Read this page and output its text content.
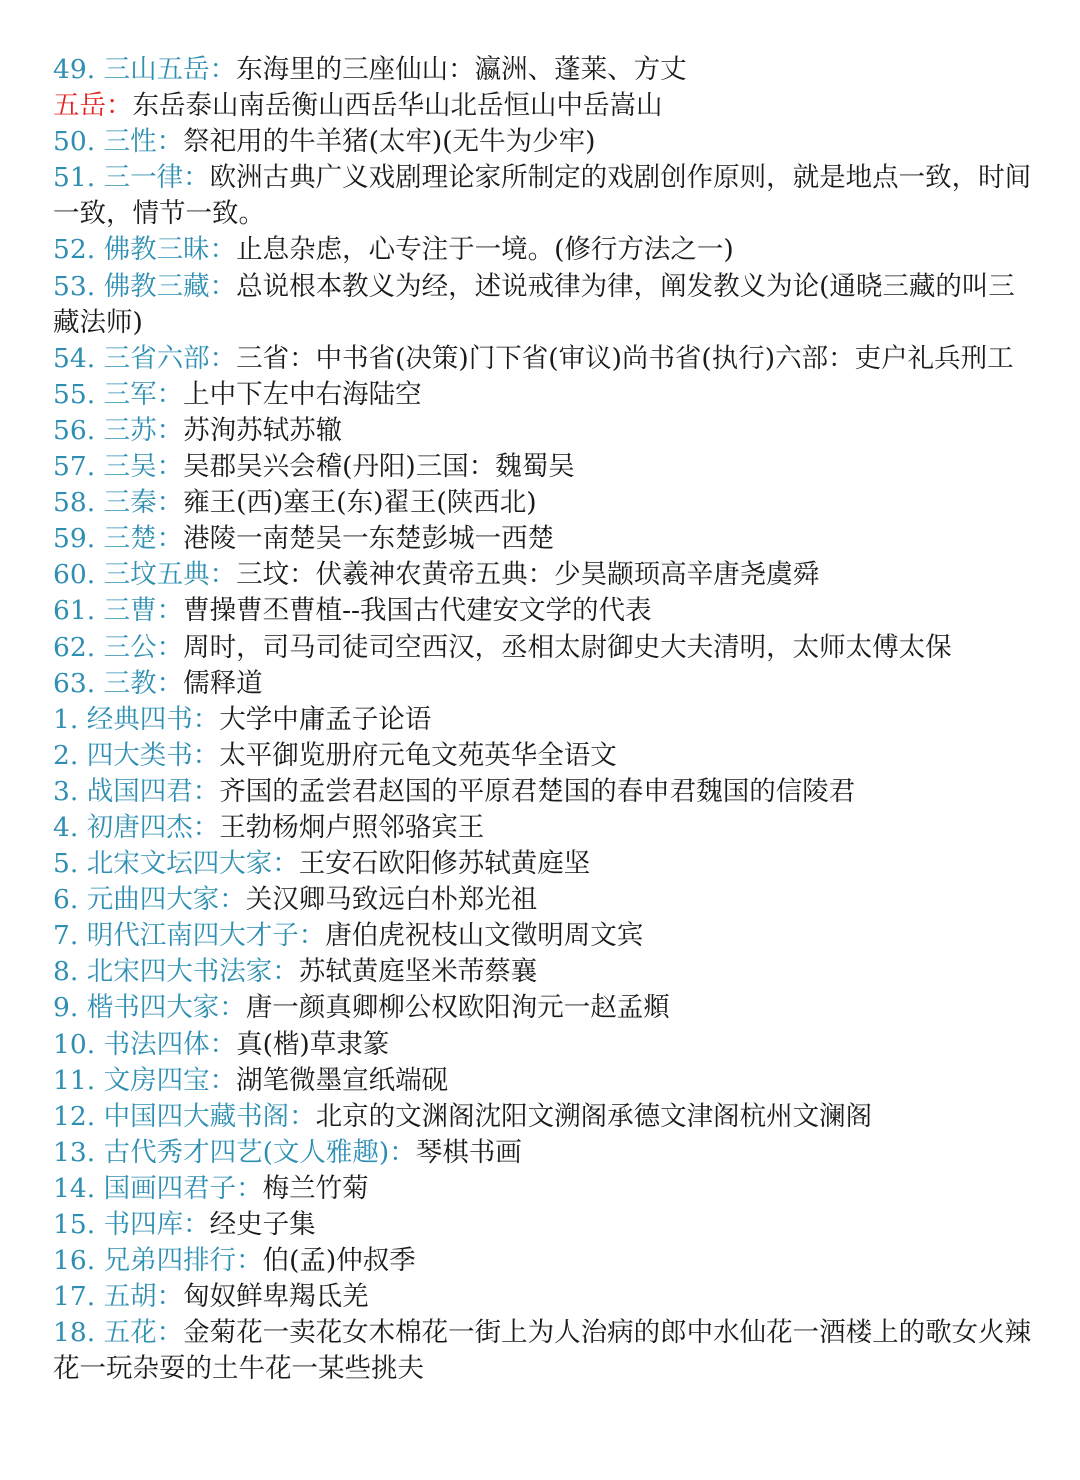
49. 三山五岳：东海里的三座仙山：瀛洲、蓬莱、方丈

五岳：东岳泰山南岳衡山西岳华山北岳恒山中岳嵩山

50. 三性：祭祀用的牛羊猪(太牢)(无牛为少牢)

51. 三一律：欧洲古典广义戏剧理论家所制定的戏剧创作原则，就是地点一致，时间一致，情节一致。

52. 佛教三昧：止息杂虑，心专注于一境。(修行方法之一)

53. 佛教三藏：总说根本教义为经，述说戒律为律，阐发教义为论(通晓三藏的叫三藏法师)

54. 三省六部：三省：中书省(决策)门下省(审议)尚书省(执行)六部：吏户礼兵刑工

55. 三军：上中下左中右海陆空

56. 三苏：苏洵苏轼苏辙

57. 三吴：吴郡吴兴会稽(丹阳)三国：魏蜀吴

58. 三秦：雍王(西)塞王(东)翟王(陕西北)

59. 三楚：港陵一南楚吴一东楚彭城一西楚

60. 三坟五典：三坟：伏羲神农黄帝五典：少昊颛顼高辛唐尧虞舜

61. 三曹：曹操曹丕曹植--我国古代建安文学的代表

62. 三公：周时，司马司徒司空西汉，丞相太尉御史大夫清明，太师太傅太保

63. 三教：儒释道

1. 经典四书：大学中庸孟子论语

2. 四大类书：太平御览册府元龟文苑英华全语文

3. 战国四君：齐国的孟尝君赵国的平原君楚国的春申君魏国的信陵君

4. 初唐四杰：王勃杨炯卢照邻骆宾王

5. 北宋文坛四大家：王安石欧阳修苏轼黄庭坚

6. 元曲四大家：关汉卿马致远白朴郑光祖

7. 明代江南四大才子：唐伯虎祝枝山文徵明周文宾

8. 北宋四大书法家：苏轼黄庭坚米芾蔡襄

9. 楷书四大家：唐一颜真卿柳公权欧阳洵元一赵孟頫

10. 书法四体：真(楷)草隶篆

11. 文房四宝：湖笔微墨宣纸端砚

12. 中国四大藏书阁：北京的文渊阁沈阳文溯阁承德文津阁杭州文澜阁

13. 古代秀才四艺(文人雅趣)：琴棋书画

14. 国画四君子：梅兰竹菊

15. 书四库：经史子集

16. 兄弟四排行：伯(孟)仲叔季

17. 五胡：匈奴鲜卑羯氐羌

18. 五花：金菊花一卖花女木棉花一街上为人治病的郎中水仙花一酒楼上的歌女火辣花一玩杂耍的土牛花一某些挑夫
